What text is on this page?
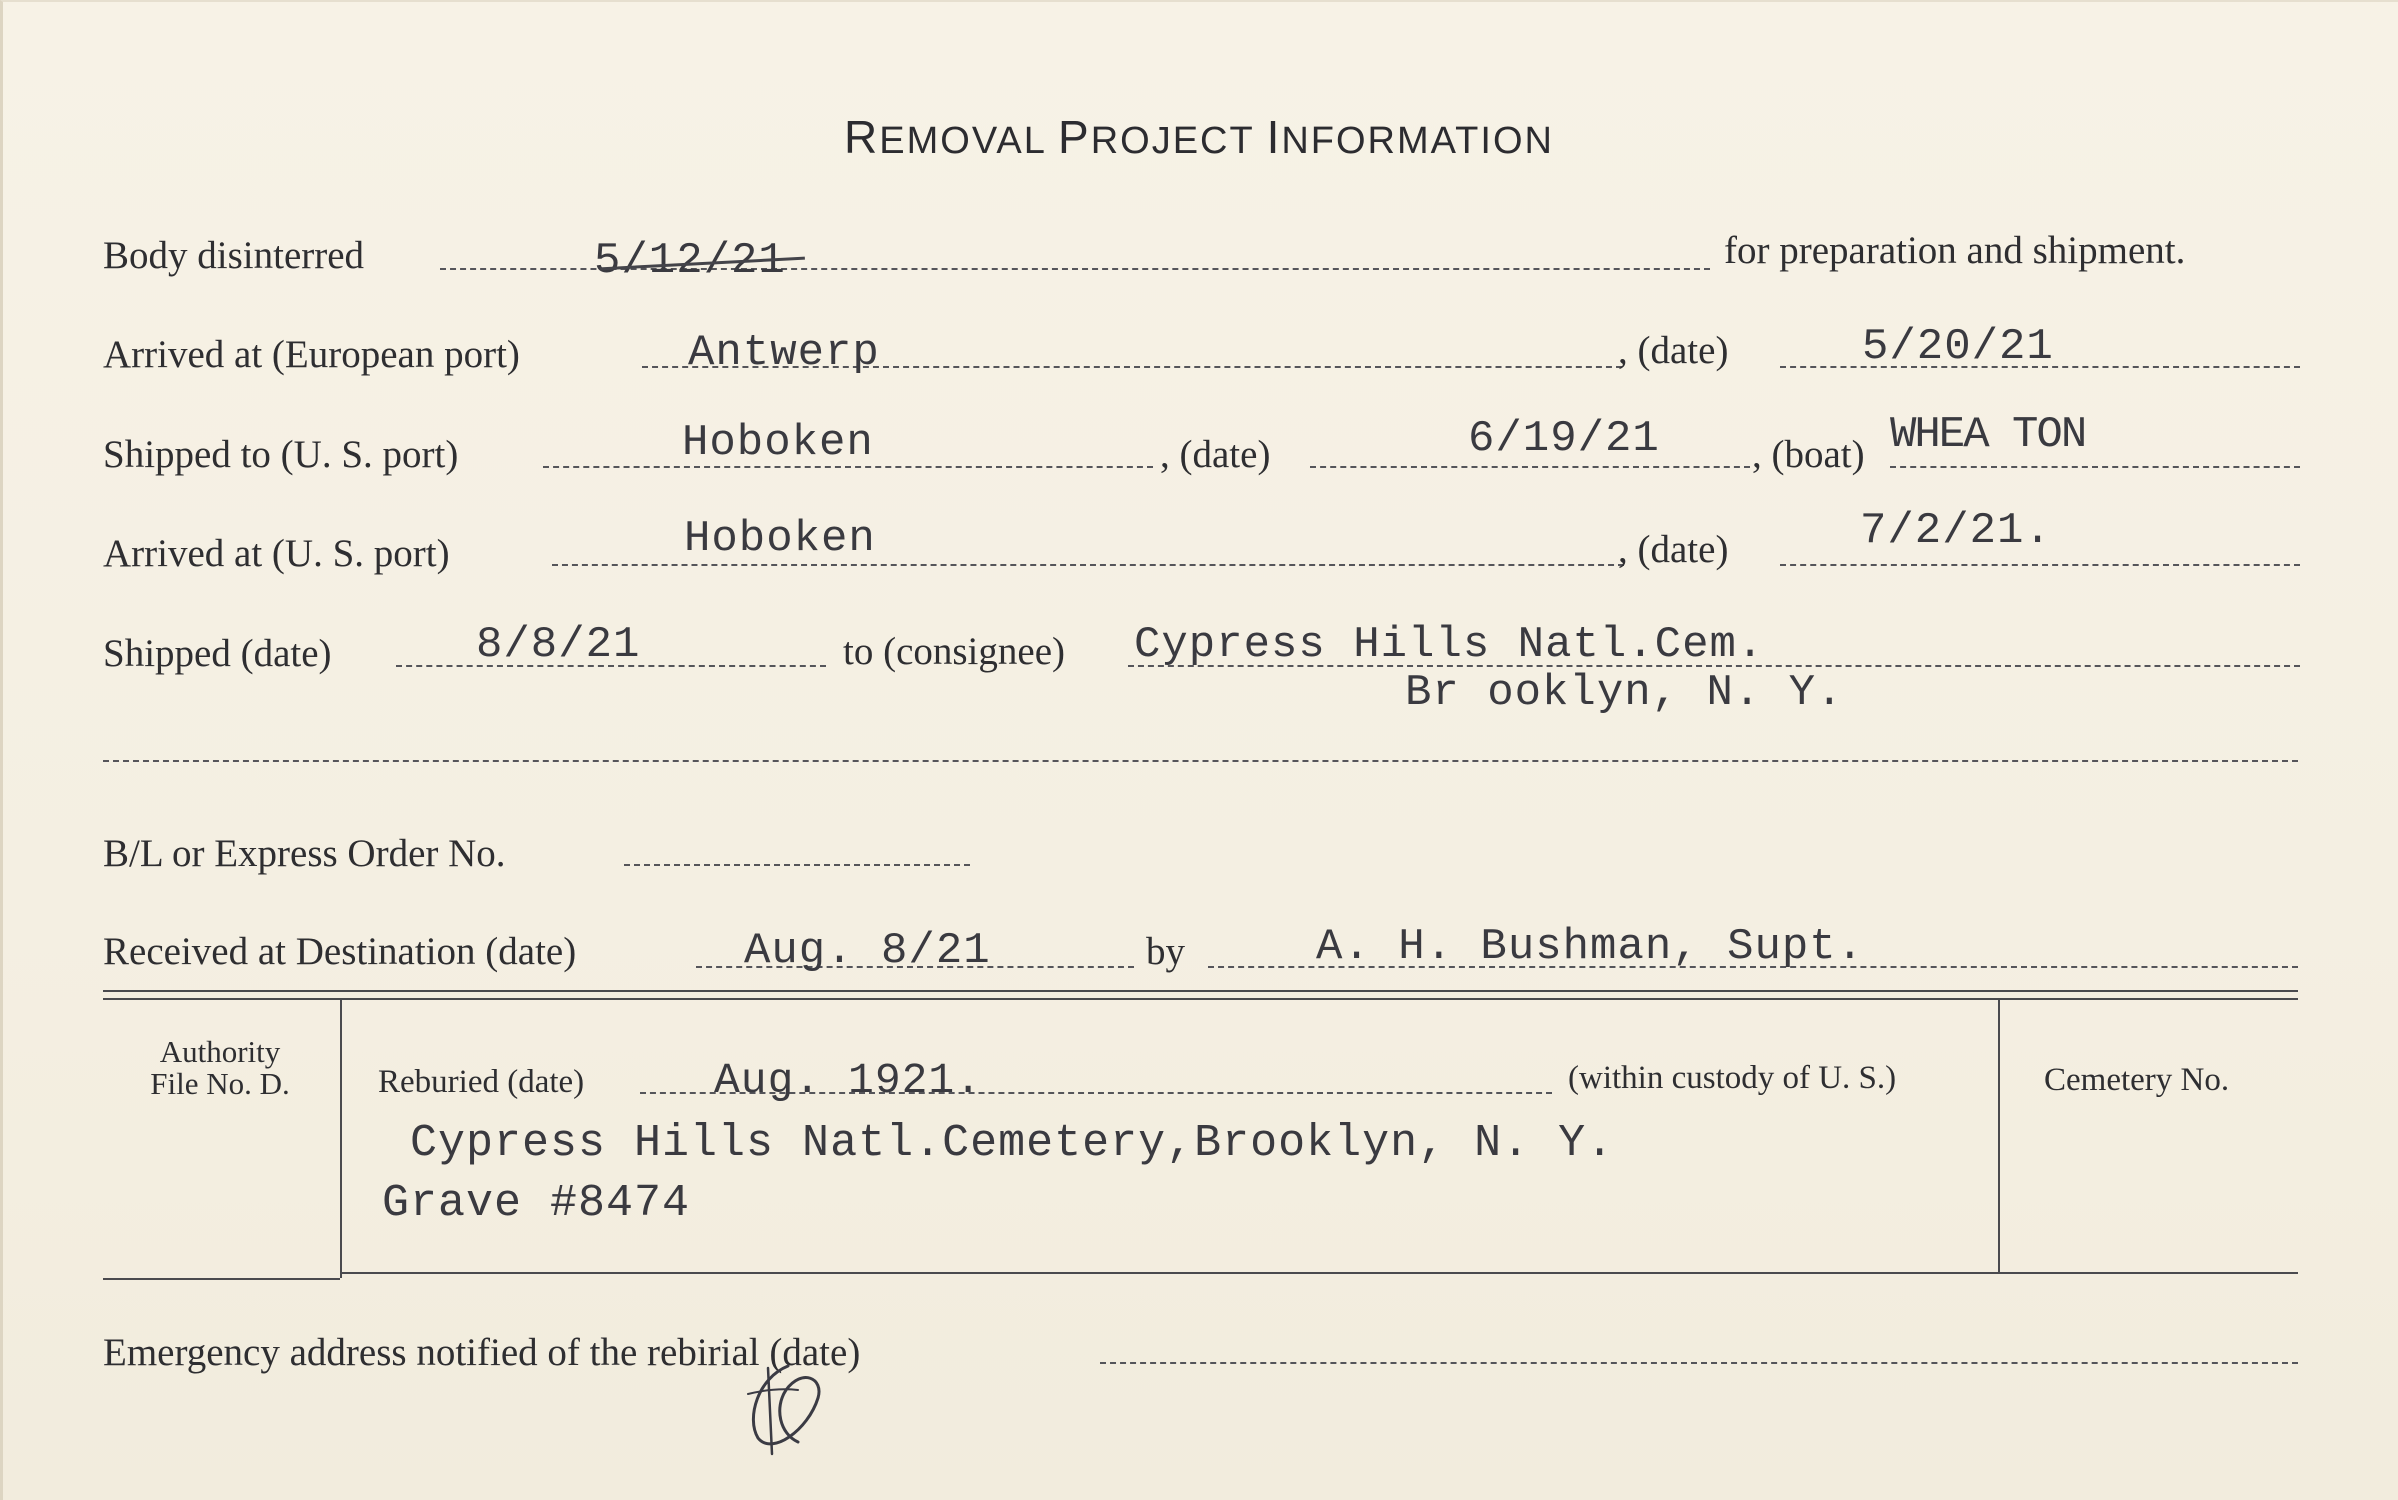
REMOVAL PROJECT INFORMATION
Body disinterred	5/12/21	for preparation and shipment.
Arrived at (European port)	Antwerp	, (date)	5/20/21
Shipped to (U. S. port)	Hoboken	, (date)	6/19/21 , (boat) WHEA TON
Arrived at (U. S. port)	Hoboken	, (date)	7/2/21.
Shipped (date)	8/8/21	to (consignee) Cypress Hills Natl.Cem.
Br ooklyn, N. Y.
B/L or Express Order No.
Received at Destination (date)	Aug. 8/21	by	A. H. Bushman, Supt.
Authority
File No. D.	Reburied (date)	Aug. 1921.	(within custody of U. S.)	Cemetery No.
Cypress Hills Natl.Cemetery,Brooklyn, N. Y.
Grave #8474
Emergency address notified of the rebirial (date)
